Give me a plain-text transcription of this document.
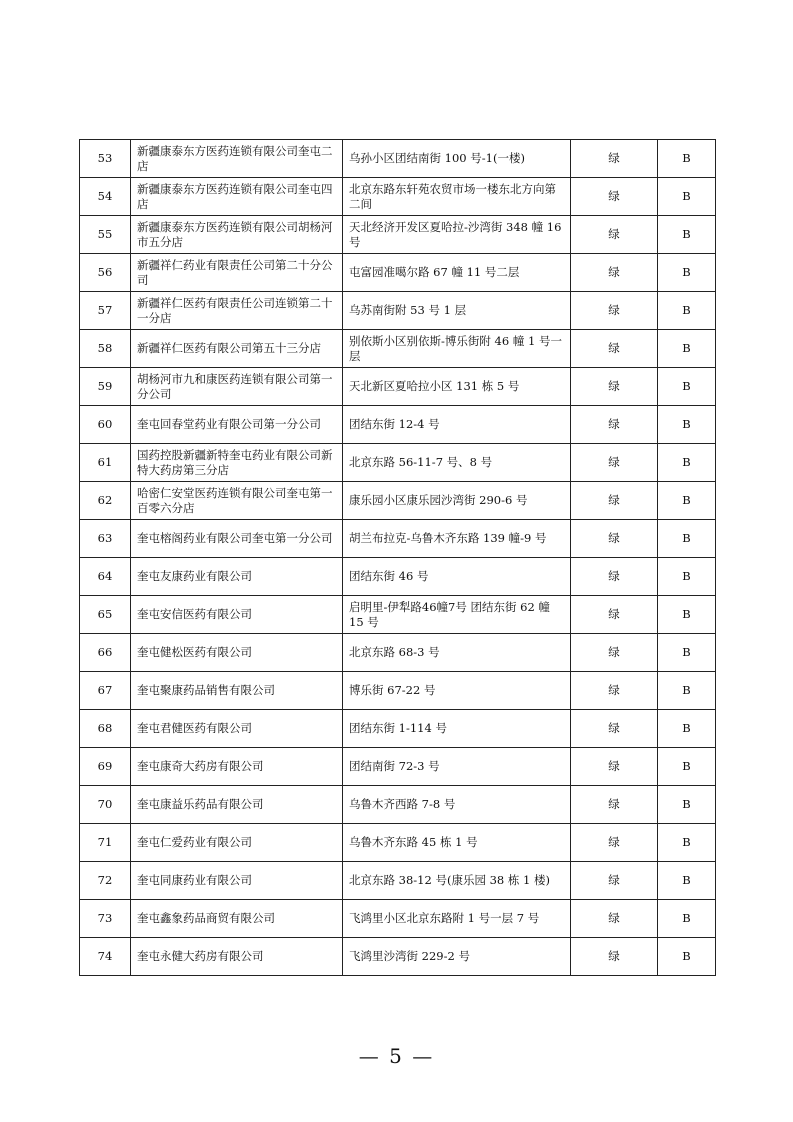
53	新疆康泰东方医药连锁有限公司奎屯二店	乌孙小区团结南街 100 号-1(一楼)	绿	B
54	新疆康泰东方医药连锁有限公司奎屯四店	北京东路东轩苑农贸市场一楼东北方向第二间	绿	B
55	新疆康泰东方医药连锁有限公司胡杨河市五分店	天北经济开发区夏哈拉-沙湾街 348 幢 16 号	绿	B
56	新疆祥仁药业有限责任公司第二十分公司	屯富园准噶尔路 67 幢 11 号二层	绿	B
57	新疆祥仁医药有限责任公司连锁第二十一分店	乌苏南街附 53 号 1 层	绿	B
58	新疆祥仁医药有限公司第五十三分店	别依斯小区别依斯-博乐街附 46 幢 1 号一层	绿	B
59	胡杨河市九和康医药连锁有限公司第一分公司	天北新区夏哈拉小区 131 栋 5 号	绿	B
60	奎屯回春堂药业有限公司第一分公司	团结东街 12-4 号	绿	B
61	国药控股新疆新特奎屯药业有限公司新特大药房第三分店	北京东路 56-11-7 号、8 号	绿	B
62	哈密仁安堂医药连锁有限公司奎屯第一百零六分店	康乐园小区康乐园沙湾街 290-6 号	绿	B
63	奎屯榕阁药业有限公司奎屯第一分公司	胡兰布拉克-乌鲁木齐东路 139 幢-9 号	绿	B
64	奎屯友康药业有限公司	团结东街 46 号	绿	B
65	奎屯安信医药有限公司	启明里-伊犁路46幢7号 团结东街 62 幢 15 号	绿	B
66	奎屯健松医药有限公司	北京东路 68-3 号	绿	B
67	奎屯聚康药品销售有限公司	博乐街 67-22 号	绿	B
68	奎屯君健医药有限公司	团结东街 1-114 号	绿	B
69	奎屯康奇大药房有限公司	团结南街 72-3 号	绿	B
70	奎屯康益乐药品有限公司	乌鲁木齐西路 7-8 号	绿	B
71	奎屯仁爱药业有限公司	乌鲁木齐东路 45 栋 1 号	绿	B
72	奎屯同康药业有限公司	北京东路 38-12 号(康乐园 38 栋 1 楼)	绿	B
73	奎屯鑫象药品商贸有限公司	飞鸿里小区北京东路附 1 号一层 7 号	绿	B
74	奎屯永健大药房有限公司	飞鸿里沙湾街 229-2 号	绿	B
— 5 —
